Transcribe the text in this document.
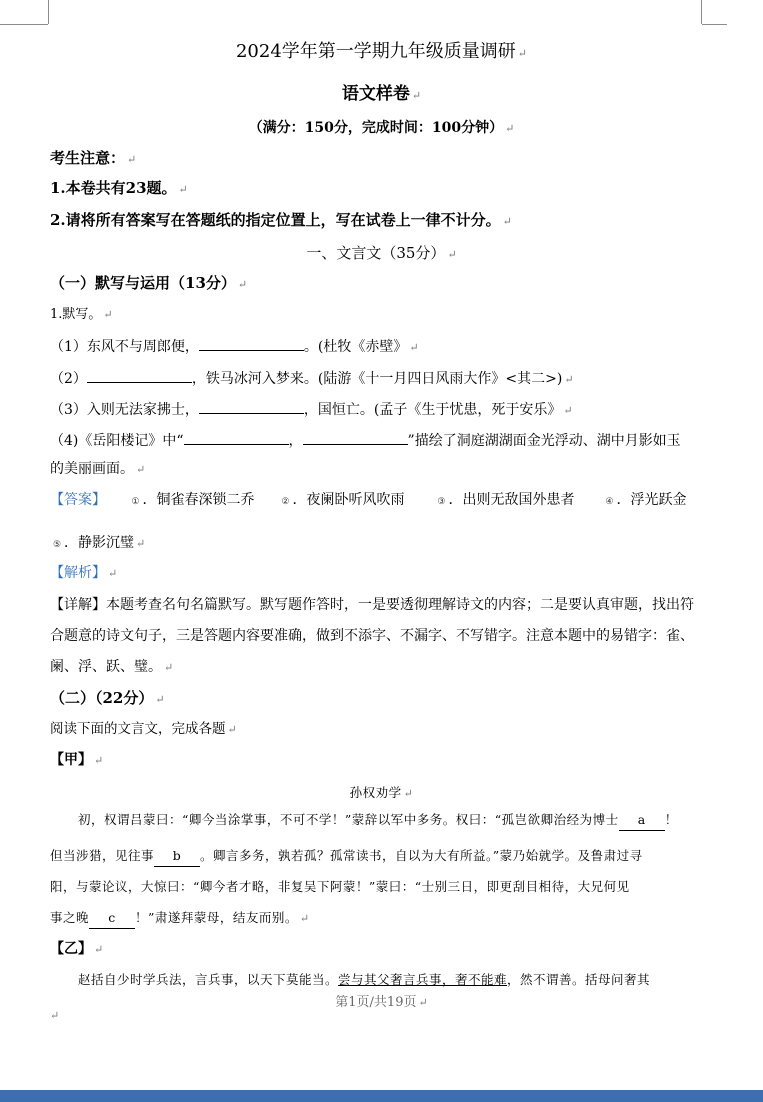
2024学年第一学期九年级质量调研 ↵
语文样卷 ↵
（满分：150分，完成时间：100分钟） ↵
考生注意： ↵
1.本卷共有23题。 ↵
2.请将所有答案写在答题纸的指定位置上，写在试卷上一律不计分。 ↵
一、文言文（35分） ↵
（一）默写与运用（13分） ↵
1.默写。 ↵
（1）东风不与周郎便，	。(杜牧《赤壁》 ↵
（2）	，铁马冰河入梦来。(陆游《十一月四日风雨大作》<其二>) ↵
（3）入则无法家拂士，	，国恒亡。(孟子《生于忧患，死于安乐》 ↵
（4)《岳阳楼记》中“	，	”描绘了洞庭湖湖面金光浮动、湖中月影如玉
的美丽画面。 ↵
【答案】	① ．铜雀春深锁二乔	② ．夜阑卧听风吹雨	③ ．出则无敌国外患者	④ ．浮光跃金
⑤ ．静影沉璧 ↵
【解析】 ↵
【详解】本题考查名句名篇默写。默写题作答时，一是要透彻理解诗文的内容；二是要认真审题，找出符
合题意的诗文句子，三是答题内容要准确，做到不添字、不漏字、不写错字。注意本题中的易错字：雀、
阑、浮、跃、璧。 ↵
（二）（22分） ↵
阅读下面的文言文，完成各题 ↵
【甲】 ↵
孙权劝学 ↵
初，权谓吕蒙曰：“卿今当涂掌事，不可不学！”蒙辞以军中多务。权曰：“孤岂欲卿治经为博士 a ！
但当涉猎，见往事 b 。卿言多务，孰若孤？孤常读书，自以为大有所益。”蒙乃始就学。及鲁肃过寻
阳，与蒙论议，大惊曰：“卿今者才略，非复吴下阿蒙！”蒙曰：“士别三日，即更刮目相待，大兄何见
事之晚 c ！”肃遂拜蒙母，结友而别。 ↵
【乙】 ↵
赵括自少时学兵法，言兵事，以天下莫能当。尝与其父奢言兵事，奢不能难，然不谓善。括母问奢其
第1页/共19页 ↵
↵
